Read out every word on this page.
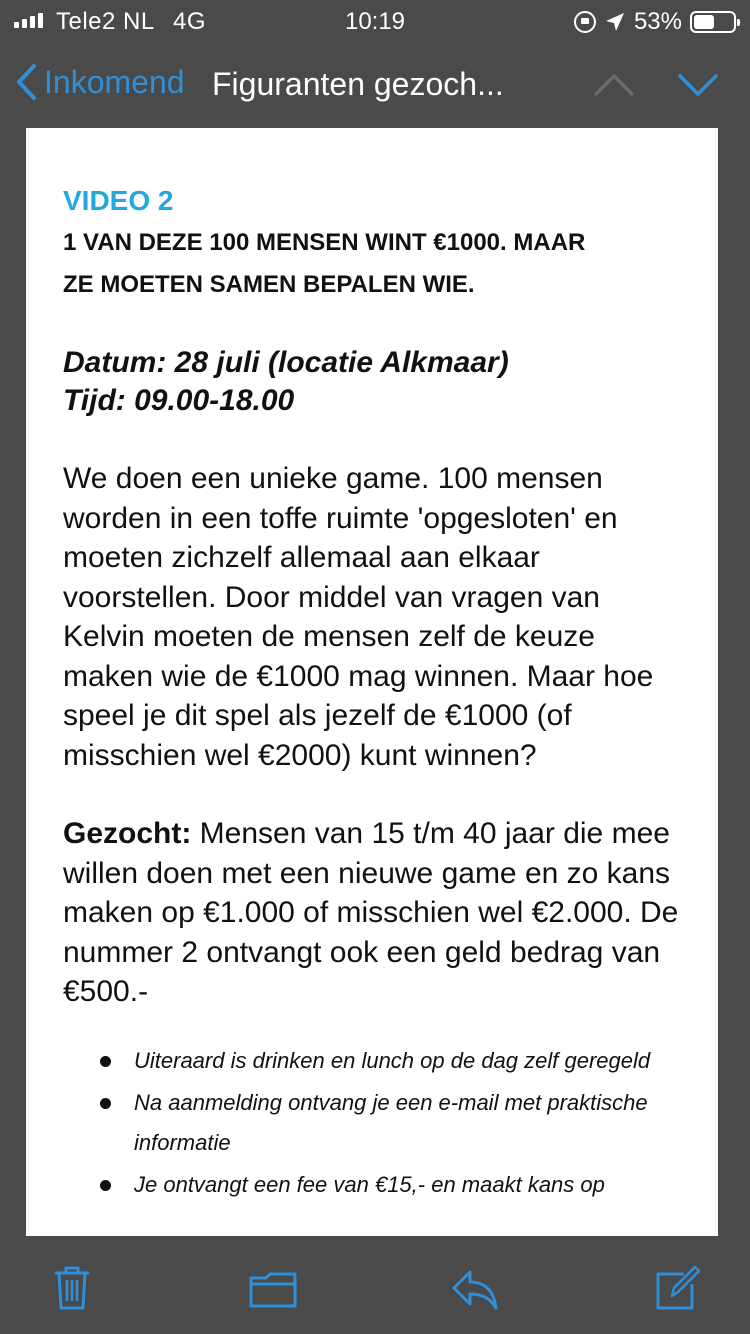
Tele2 NL 4G	10:19	53%
Inkomend Figuranten gezoch...
VIDEO 2
1 VAN DEZE 100 MENSEN WINT €1000. MAAR
ZE MOETEN SAMEN BEPALEN WIE.
Datum: 28 juli (locatie Alkmaar)
Tijd: 09.00-18.00

We doen een unieke game. 100 mensen worden in een toffe ruimte 'opgesloten' en moeten zichzelf allemaal aan elkaar voorstellen. Door middel van vragen van Kelvin moeten de mensen zelf de keuze maken wie de €1000 mag winnen. Maar hoe speel je dit spel als jezelf de €1000 (of misschien wel €2000) kunt winnen?

Gezocht: Mensen van 15 t/m 40 jaar die mee willen doen met een nieuwe game en zo kans maken op €1.000 of misschien wel €2.000. De nummer 2 ontvangt ook een geld bedrag van €500.-

Uiteraard is drinken en lunch op de dag zelf geregeld
Na aanmelding ontvang je een e-mail met praktische informatie
Je ontvangt een fee van €15,- en maakt kans op
